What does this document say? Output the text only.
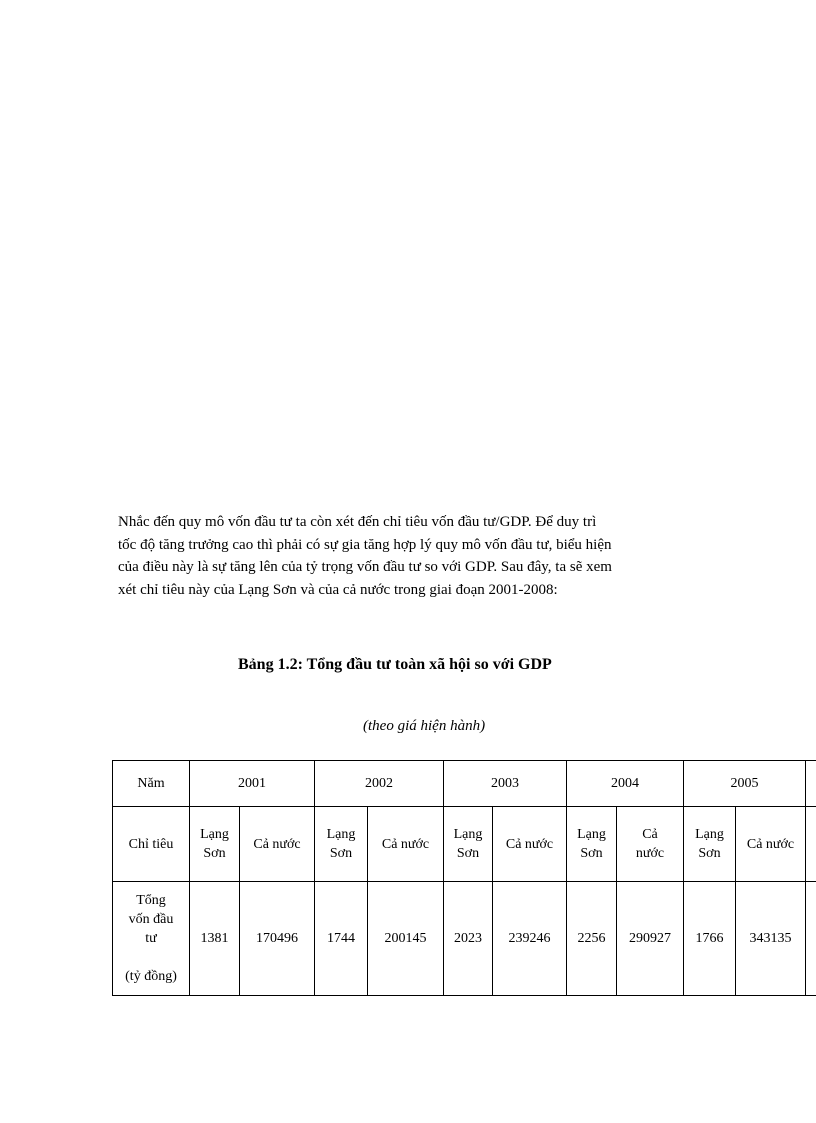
Nhắc đến quy mô vốn đầu tư ta còn xét đến chỉ tiêu vốn đầu tư/GDP. Để duy trì
tốc độ tăng trưởng cao thì phải có sự gia tăng hợp lý quy mô vốn đầu tư, biểu hiện
của điều này là sự tăng lên của tỷ trọng vốn đầu tư so với GDP. Sau đây, ta sẽ xem
xét chỉ tiêu này của Lạng Sơn và của cả nước trong giai đoạn 2001-2008:
Bảng 1.2: Tổng đầu tư toàn xã hội so với GDP
(theo giá hiện hành)
Năm	2001		2002		2003		2004		2005		
Chỉ tiêu	Lạng Sơn	Cả nước	Lạng Sơn	Cả nước	Lạng Sơn	Cả nước	Lạng Sơn	Cả nước	Lạng Sơn	Cả nước	

Tổng
vốn đầu
tư
(tỷ đồng)	1381	170496	1744	200145	2023	239246	2256	290927	1766	343135	
